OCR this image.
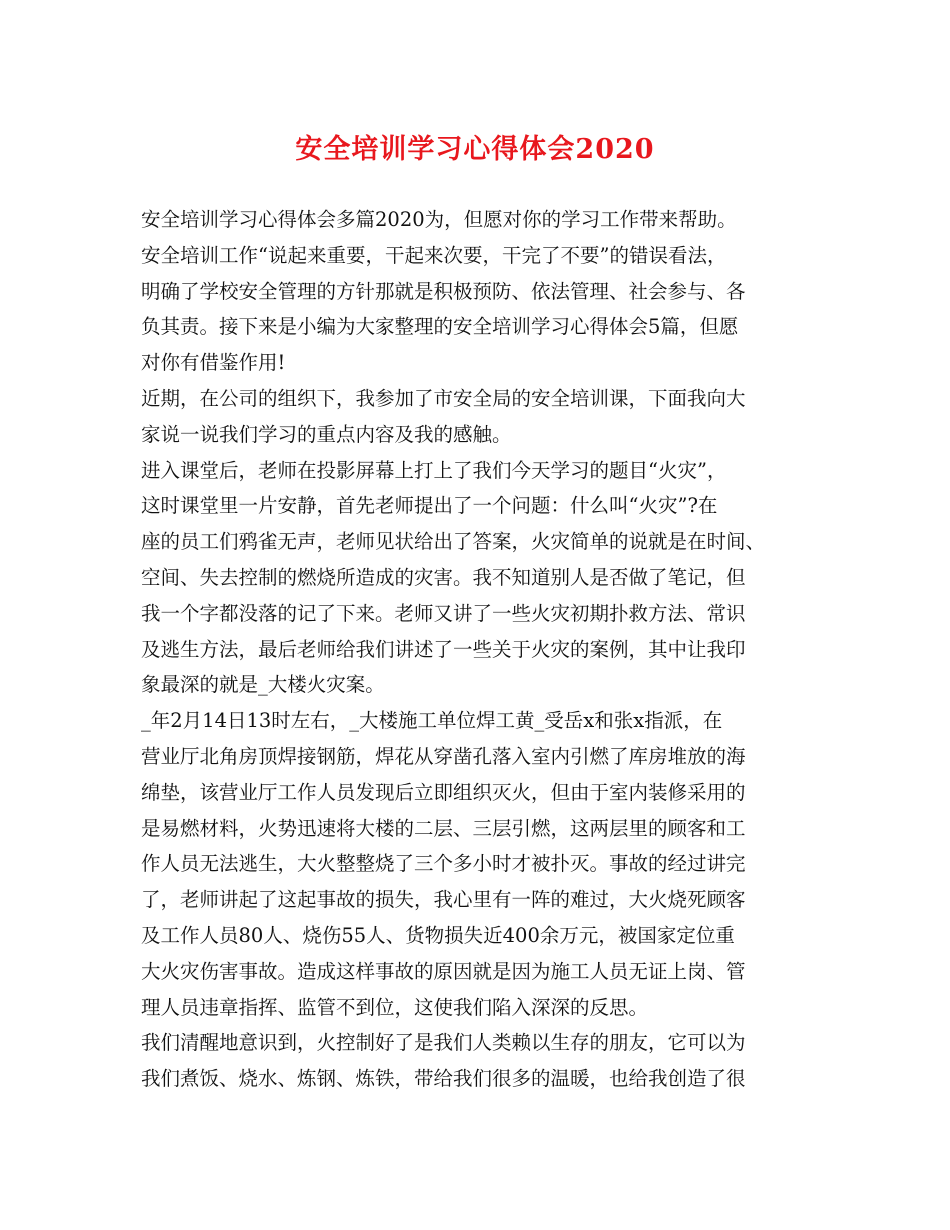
安全培训学习心得体会2020
安全培训学习心得体会多篇2020为，但愿对你的学习工作带来帮助。
安全培训工作“说起来重要，干起来次要，干完了不要”的错误看法，
明确了学校安全管理的方针那就是积极预防、依法管理、社会参与、各
负其责。接下来是小编为大家整理的安全培训学习心得体会5篇，但愿
对你有借鉴作用!
近期，在公司的组织下，我参加了市安全局的安全培训课，下面我向大
家说一说我们学习的重点内容及我的感触。
进入课堂后，老师在投影屏幕上打上了我们今天学习的题目“火灾”，
这时课堂里一片安静，首先老师提出了一个问题：什么叫“火灾”?在
座的员工们鸦雀无声，老师见状给出了答案，火灾简单的说就是在时间、
空间、失去控制的燃烧所造成的灾害。我不知道别人是否做了笔记，但
我一个字都没落的记了下来。老师又讲了一些火灾初期扑救方法、常识
及逃生方法，最后老师给我们讲述了一些关于火灾的案例，其中让我印
象最深的就是_大楼火灾案。
_年2月14日13时左右，_大楼施工单位焊工黄_受岳x和张x指派，在
营业厅北角房顶焊接钢筋，焊花从穿凿孔落入室内引燃了库房堆放的海
绵垫，该营业厅工作人员发现后立即组织灭火，但由于室内装修采用的
是易燃材料，火势迅速将大楼的二层、三层引燃，这两层里的顾客和工
作人员无法逃生，大火整整烧了三个多小时才被扑灭。事故的经过讲完
了，老师讲起了这起事故的损失，我心里有一阵的难过，大火烧死顾客
及工作人员80人、烧伤55人、货物损失近400余万元，被国家定位重
大火灾伤害事故。造成这样事故的原因就是因为施工人员无证上岗、管
理人员违章指挥、监管不到位，这使我们陷入深深的反思。
我们清醒地意识到，火控制好了是我们人类赖以生存的朋友，它可以为
我们煮饭、烧水、炼钢、炼铁，带给我们很多的温暖，也给我创造了很
